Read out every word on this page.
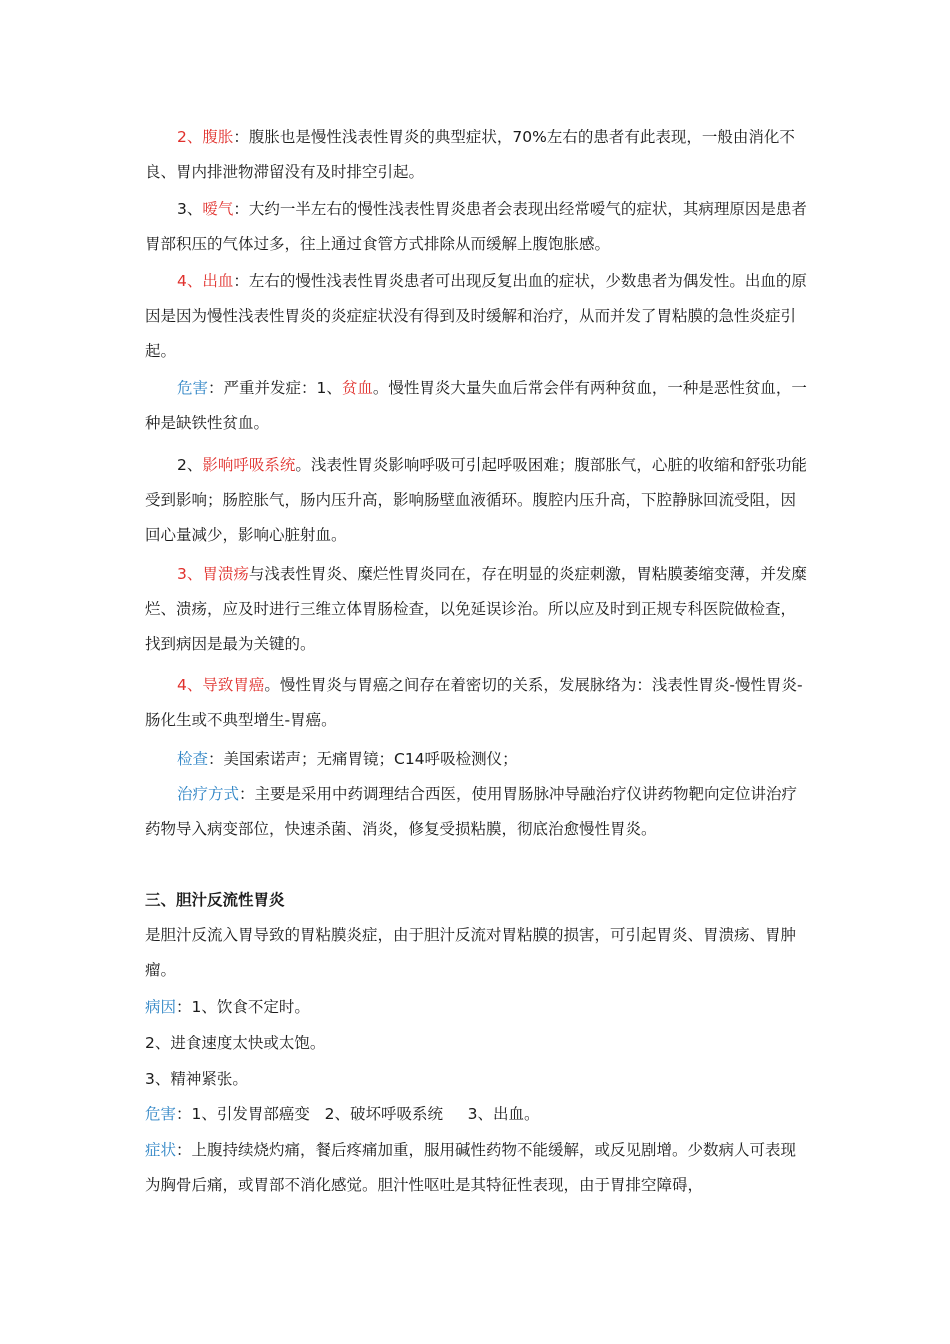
2、腹胀：腹胀也是慢性浅表性胃炎的典型症状，70%左右的患者有此表现，一般由消化不良、胃内排泄物滞留没有及时排空引起。

3、嗳气：大约一半左右的慢性浅表性胃炎患者会表现出经常嗳气的症状，其病理原因是患者胃部积压的气体过多，往上通过食管方式排除从而缓解上腹饱胀感。

4、出血：左右的慢性浅表性胃炎患者可出现反复出血的症状，少数患者为偶发性。出血的原因是因为慢性浅表性胃炎的炎症症状没有得到及时缓解和治疗，从而并发了胃粘膜的急性炎症引起。

危害：严重并发症：1、贫血。慢性胃炎大量失血后常会伴有两种贫血，一种是恶性贫血，一种是缺铁性贫血。

2、影响呼吸系统。浅表性胃炎影响呼吸可引起呼吸困难；腹部胀气，心脏的收缩和舒张功能受到影响；肠腔胀气，肠内压升高，影响肠壁血液循环。腹腔内压升高，下腔静脉回流受阻，因回心量减少，影响心脏射血。

3、胃溃疡与浅表性胃炎、糜烂性胃炎同在，存在明显的炎症刺激，胃粘膜萎缩变薄，并发糜烂、溃疡，应及时进行三维立体胃肠检查，以免延误诊治。所以应及时到正规专科医院做检查，找到病因是最为关键的。

4、导致胃癌。慢性胃炎与胃癌之间存在着密切的关系，发展脉络为：浅表性胃炎-慢性胃炎-肠化生或不典型增生-胃癌。

检查：美国索诺声；无痛胃镜；C14呼吸检测仪；

治疗方式：主要是采用中药调理结合西医，使用胃肠脉冲导融治疗仪讲药物靶向定位讲治疗药物导入病变部位，快速杀菌、消炎，修复受损粘膜，彻底治愈慢性胃炎。

三、胆汁反流性胃炎

是胆汁反流入胃导致的胃粘膜炎症，由于胆汁反流对胃粘膜的损害，可引起胃炎、胃溃疡、胃肿瘤。

病因：1、饮食不定时。

2、进食速度太快或太饱。

3、精神紧张。

危害：1、引发胃部癌变   2、破坏呼吸系统     3、出血。

症状：上腹持续烧灼痛，餐后疼痛加重，服用碱性药物不能缓解，或反见剧增。少数病人可表现为胸骨后痛，或胃部不消化感觉。胆汁性呕吐是其特征性表现，由于胃排空障碍，
